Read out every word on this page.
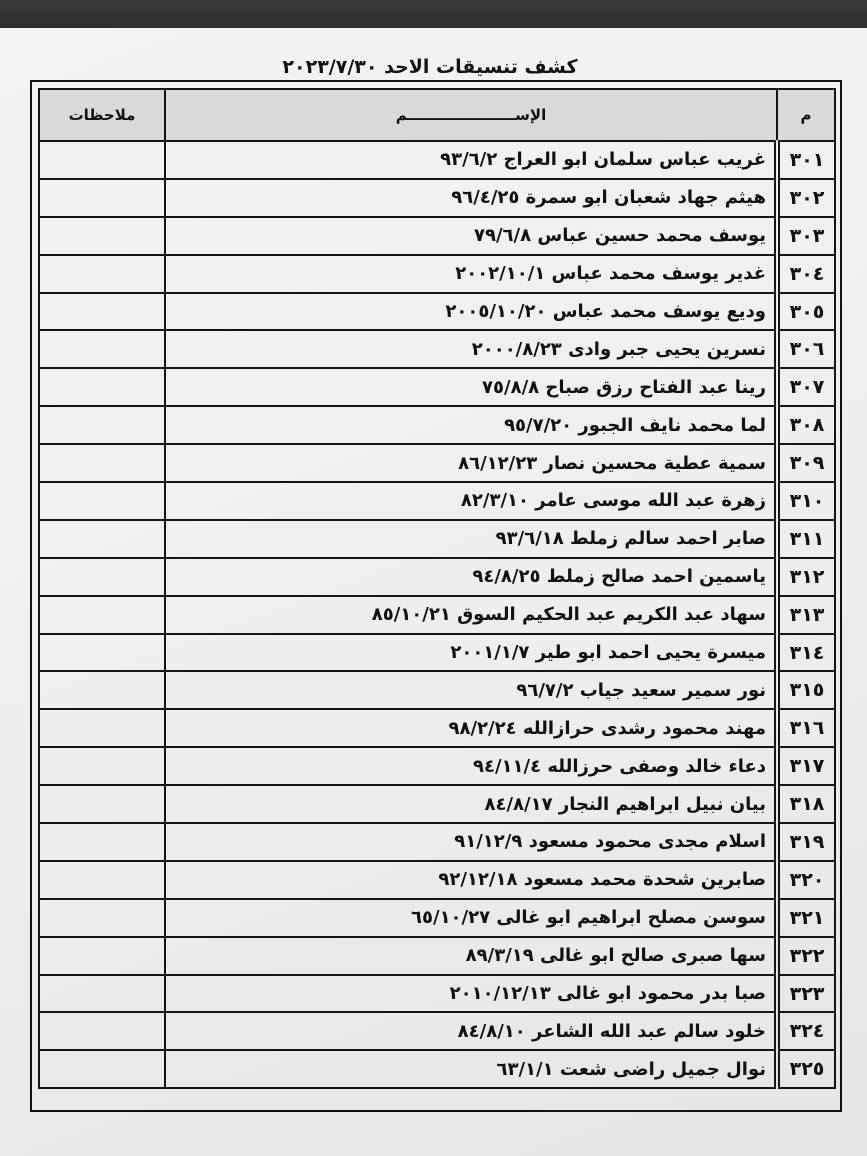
كشف تنسيقات الاحد ٢٠٢٣/٧/٣٠
م	الإســـــــــــــــــــــم	ملاحظات
٣٠١	غريب عباس سلمان ابو العراج ٩٣/٦/٢	
٣٠٢	هيثم جهاد شعبان ابو سمرة ٩٦/٤/٢٥	
٣٠٣	يوسف محمد حسين عباس ٧٩/٦/٨	
٣٠٤	غدير يوسف محمد عباس ٢٠٠٢/١٠/١	
٣٠٥	وديع يوسف محمد عباس ٢٠٠٥/١٠/٢٠	
٣٠٦	نسرين يحيى جبر وادى ٢٠٠٠/٨/٢٣	
٣٠٧	رينا عبد الفتاح رزق صباح ٧٥/٨/٨	
٣٠٨	لما محمد نايف الجبور ٩٥/٧/٢٠	
٣٠٩	سمية عطية محسين نصار ٨٦/١٢/٢٣	
٣١٠	زهرة عبد الله موسى عامر ٨٢/٣/١٠	
٣١١	صابر احمد سالم زملط ٩٣/٦/١٨	
٣١٢	ياسمين احمد صالح زملط ٩٤/٨/٢٥	
٣١٣	سهاد عبد الكريم عبد الحكيم السوق ٨٥/١٠/٢١	
٣١٤	ميسرة يحيى احمد ابو طير ٢٠٠١/١/٧	
٣١٥	نور سمير سعيد جياب ٩٦/٧/٢	
٣١٦	مهند محمود رشدى حرازالله ٩٨/٢/٢٤	
٣١٧	دعاء خالد وصفى حرزالله ٩٤/١١/٤	
٣١٨	بيان نبيل ابراهيم النجار ٨٤/٨/١٧	
٣١٩	اسلام مجدى محمود مسعود ٩١/١٢/٩	
٣٢٠	صابرين شحدة محمد مسعود ٩٢/١٢/١٨	
٣٢١	سوسن مصلح ابراهيم ابو غالى ٦٥/١٠/٢٧	
٣٢٢	سها صبرى صالح ابو غالى ٨٩/٣/١٩	
٣٢٣	صبا بدر محمود ابو غالى ٢٠١٠/١٢/١٣	
٣٢٤	خلود سالم عبد الله الشاعر ٨٤/٨/١٠	
٣٢٥	نوال جميل راضى شعت ٦٣/١/١	
